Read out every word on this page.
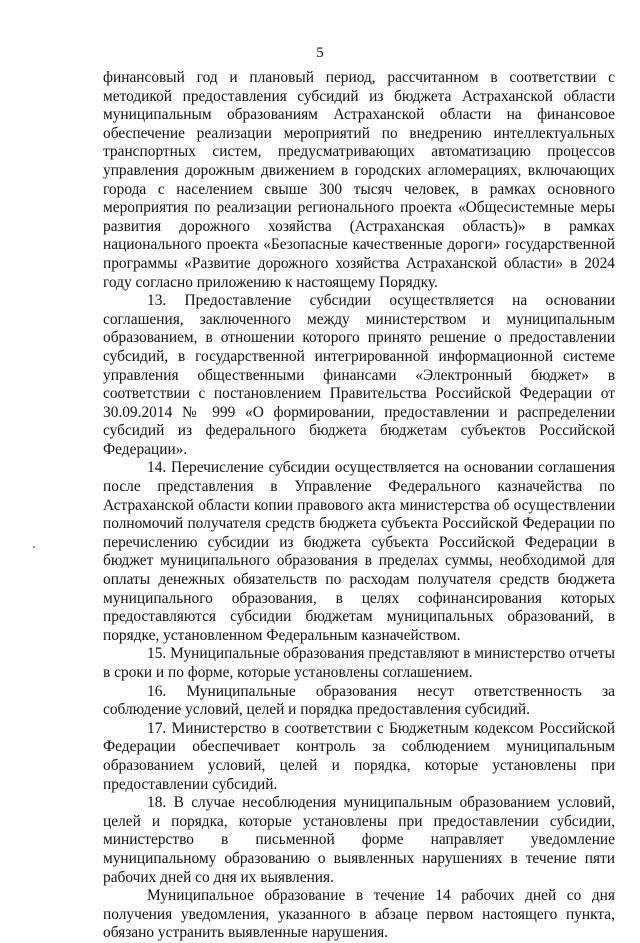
5

финансовый год и плановый период, рассчитанном в соответствии с методикой предоставления субсидий из бюджета Астраханской области муниципальным образованиям Астраханской области на финансовое обеспечение реализации мероприятий по внедрению интеллектуальных транспортных систем, предусматривающих автоматизацию процессов управления дорожным движением в городских агломерациях, включающих города с населением свыше 300 тысяч человек, в рамках основного мероприятия по реализации регионального проекта «Общесистемные меры развития дорожного хозяйства (Астраханская область)» в рамках национального проекта «Безопасные качественные дороги» государственной программы «Развитие дорожного хозяйства Астраханской области» в 2024 году согласно приложению к настоящему Порядку.

13. Предоставление субсидии осуществляется на основании соглашения, заключенного между министерством и муниципальным образованием, в отношении которого принято решение о предоставлении субсидий, в государственной интегрированной информационной системе управления общественными финансами «Электронный бюджет» в соответствии с постановлением Правительства Российской Федерации от 30.09.2014 № 999 «О формировании, предоставлении и распределении субсидий из федерального бюджета бюджетам субъектов Российской Федерации».

14. Перечисление субсидии осуществляется на основании соглашения после представления в Управление Федерального казначейства по Астраханской области копии правового акта министерства об осуществлении полномочий получателя средств бюджета субъекта Российской Федерации по перечислению субсидии из бюджета субъекта Российской Федерации в бюджет муниципального образования в пределах суммы, необходимой для оплаты денежных обязательств по расходам получателя средств бюджета муниципального образования, в целях софинансирования которых предоставляются субсидии бюджетам муниципальных образований, в порядке, установленном Федеральным казначейством.

15. Муниципальные образования представляют в министерство отчеты в сроки и по форме, которые установлены соглашением.

16. Муниципальные образования несут ответственность за соблюдение условий, целей и порядка предоставления субсидий.

17. Министерство в соответствии с Бюджетным кодексом Российской Федерации обеспечивает контроль за соблюдением муниципальным образованием условий, целей и порядка, которые установлены при предоставлении субсидий.

18. В случае несоблюдения муниципальным образованием условий, целей и порядка, которые установлены при предоставлении субсидии, министерство в письменной форме направляет уведомление муниципальному образованию о выявленных нарушениях в течение пяти рабочих дней со дня их выявления.

Муниципальное образование в течение 14 рабочих дней со дня получения уведомления, указанного в абзаце первом настоящего пункта, обязано устранить выявленные нарушения.
